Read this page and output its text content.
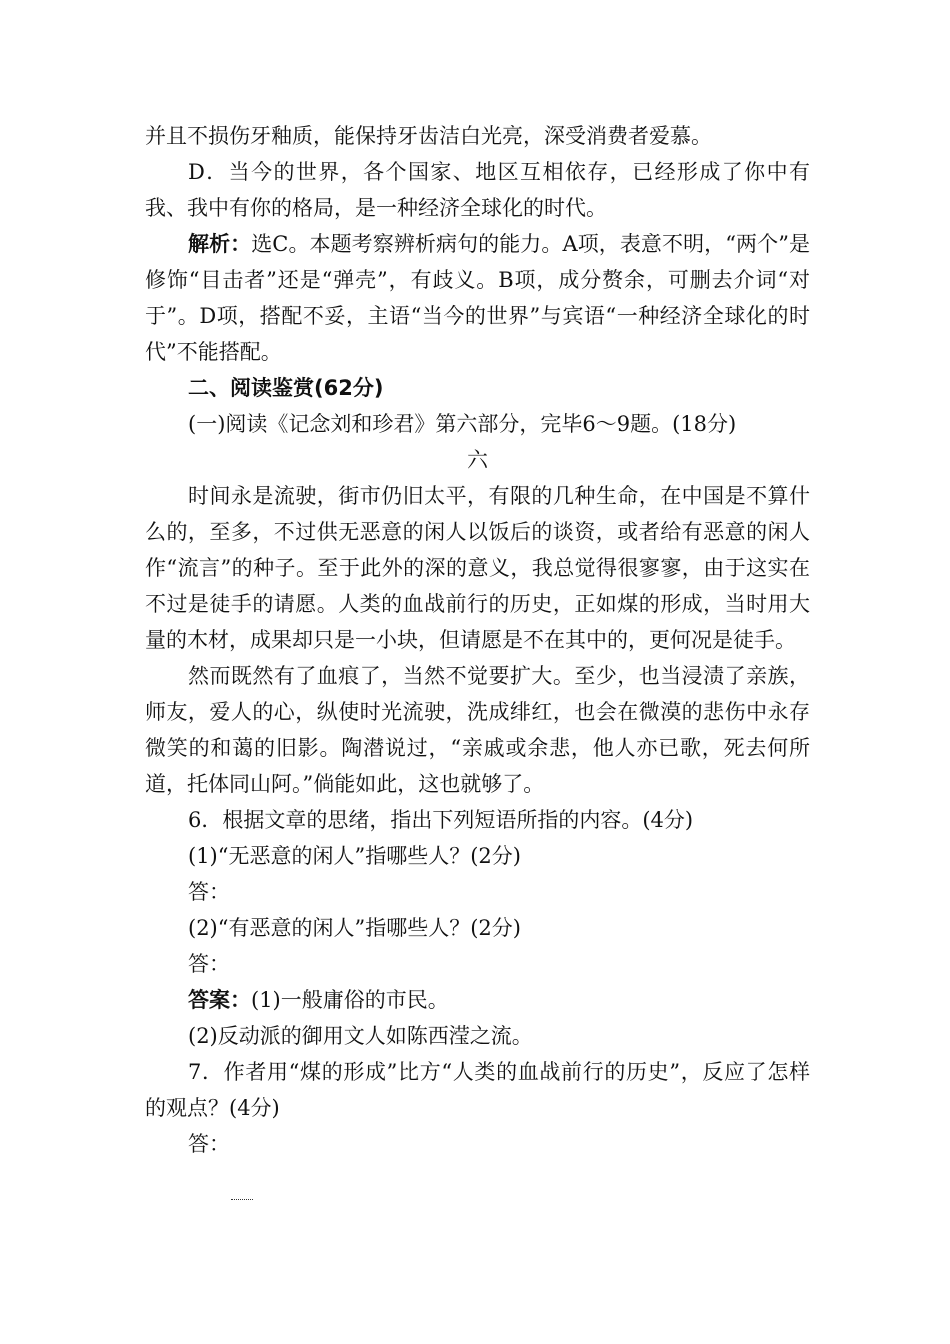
并且不损伤牙釉质，能保持牙齿洁白光亮，深受消费者爱慕。

D．当今的世界，各个国家、地区互相依存，已经形成了你中有我、我中有你的格局，是一种经济全球化的时代。

解析：选C。本题考察辨析病句的能力。A项，表意不明，“两个”是修饰“目击者”还是“弹壳”，有歧义。B项，成分赘余，可删去介词“对于”。D项，搭配不妥，主语“当今的世界”与宾语“一种经济全球化的时代”不能搭配。

二、阅读鉴赏(62分)

(一)阅读《记念刘和珍君》第六部分，完毕6～9题。(18分)

六

时间永是流驶，街市仍旧太平，有限的几种生命，在中国是不算什么的，至多，不过供无恶意的闲人以饭后的谈资，或者给有恶意的闲人作“流言”的种子。至于此外的深的意义，我总觉得很寥寥，由于这实在不过是徒手的请愿。人类的血战前行的历史，正如煤的形成，当时用大量的木材，成果却只是一小块，但请愿是不在其中的，更何况是徒手。

然而既然有了血痕了，当然不觉要扩大。至少，也当浸渍了亲族，师友，爱人的心，纵使时光流驶，洗成绯红，也会在微漠的悲伤中永存微笑的和蔼的旧影。陶潜说过，“亲戚或余悲，他人亦已歌，死去何所道，托体同山阿。”倘能如此，这也就够了。

6．根据文章的思绪，指出下列短语所指的内容。(4分)

(1)“无恶意的闲人”指哪些人？(2分)

答：

(2)“有恶意的闲人”指哪些人？(2分)

答：

答案：(1)一般庸俗的市民。

(2)反动派的御用文人如陈西滢之流。

7．作者用“煤的形成”比方“人类的血战前行的历史”，反应了怎样的观点？(4分)

答：
